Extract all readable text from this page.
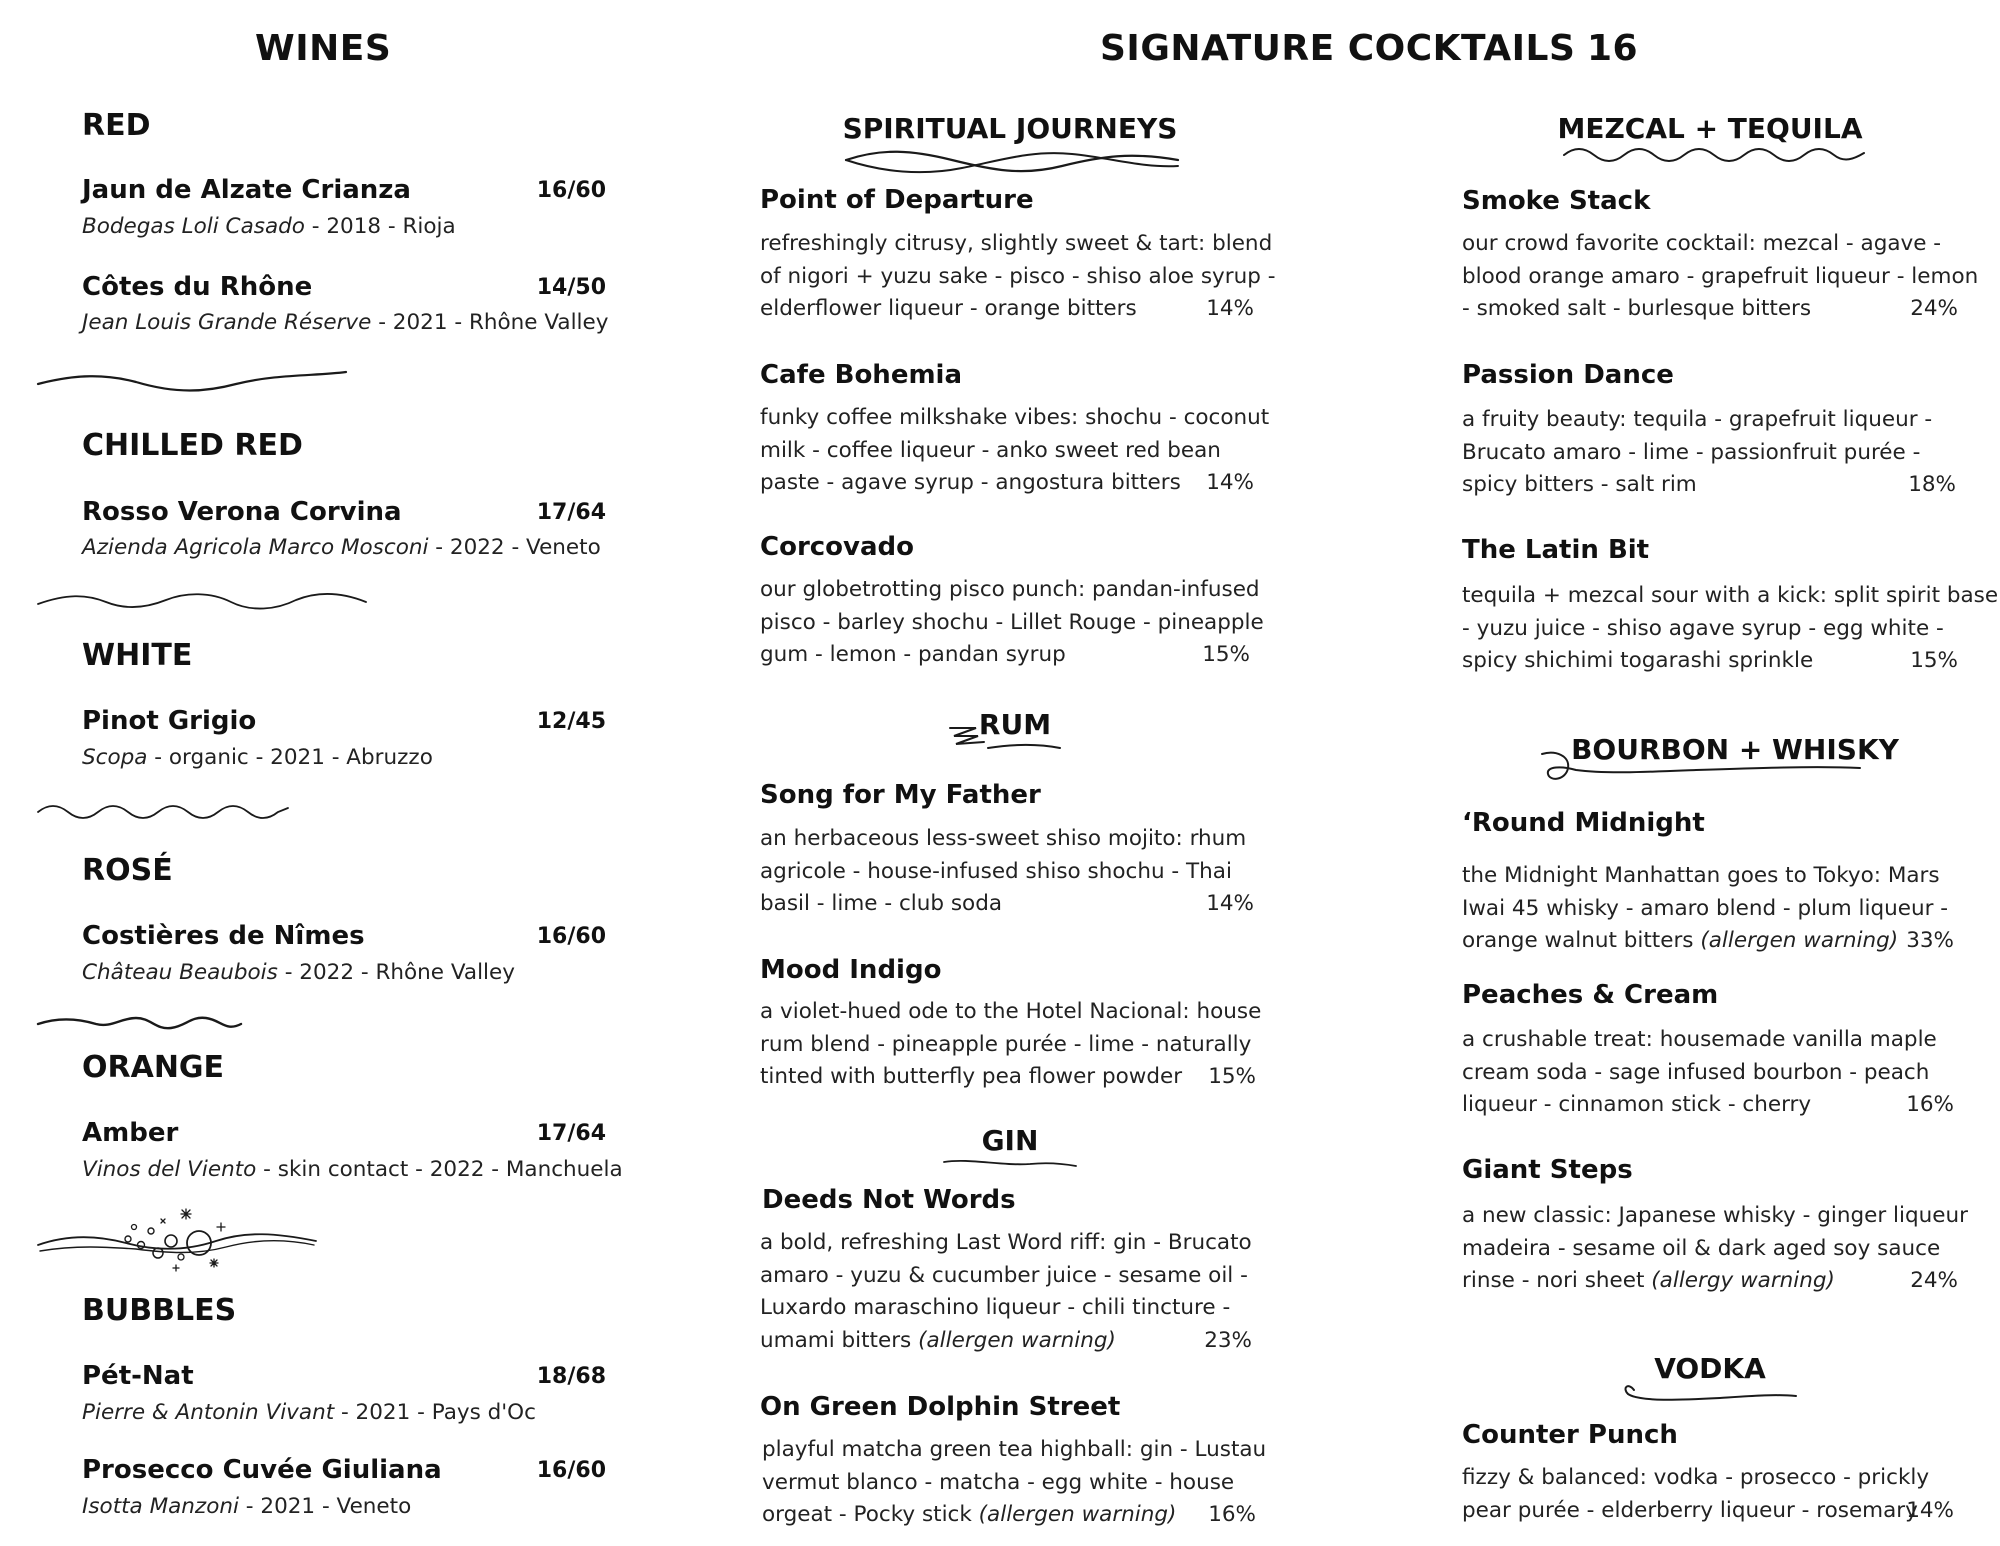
WINES
RED
Jaun de Alzate Crianza	16/60
Bodegas Loli Casado - 2018 - Rioja
Côtes du Rhône	14/50
Jean Louis Grande Réserve - 2021 - Rhône Valley
CHILLED RED
Rosso Verona Corvina	17/64
Azienda Agricola Marco Mosconi - 2022 - Veneto
WHITE
Pinot Grigio	12/45
Scopa - organic - 2021 - Abruzzo
ROSÉ
Costières de Nîmes	16/60
Château Beaubois - 2022 - Rhône Valley
ORANGE
Amber	17/64
Vinos del Viento - skin contact - 2022 - Manchuela
BUBBLES
Pét-Nat	18/68
Pierre & Antonin Vivant - 2021 - Pays d'Oc
Prosecco Cuvée Giuliana	16/60
Isotta Manzoni - 2021 - Veneto
SIGNATURE COCKTAILS 16
SPIRITUAL JOURNEYS
Point of Departure
refreshingly citrusy, slightly sweet & tart: blend
of nigori + yuzu sake - pisco - shiso aloe syrup -
elderflower liqueur - orange bitters	14%
Cafe Bohemia
funky coffee milkshake vibes: shochu - coconut
milk - coffee liqueur - anko sweet red bean
paste - agave syrup - angostura bitters 14%
Corcovado
our globetrotting pisco punch: pandan-infused
pisco - barley shochu - Lillet Rouge - pineapple
gum - lemon - pandan syrup	15%
RUM
Song for My Father
an herbaceous less-sweet shiso mojito: rhum
agricole - house-infused shiso shochu - Thai
basil - lime - club soda	14%
Mood Indigo
a violet-hued ode to the Hotel Nacional: house
rum blend - pineapple purée - lime - naturally
tinted with butterfly pea flower powder 15%
GIN
Deeds Not Words
a bold, refreshing Last Word riff: gin - Brucato
amaro - yuzu & cucumber juice - sesame oil -
Luxardo maraschino liqueur - chili tincture -
umami bitters (allergen warning)	23%
On Green Dolphin Street
playful matcha green tea highball: gin - Lustau
vermut blanco - matcha - egg white - house
orgeat - Pocky stick (allergen warning) 16%
MEZCAL + TEQUILA
Smoke Stack
our crowd favorite cocktail: mezcal - agave -
blood orange amaro - grapefruit liqueur - lemon
- smoked salt - burlesque bitters	24%
Passion Dance
a fruity beauty: tequila - grapefruit liqueur -
Brucato amaro - lime - passionfruit purée -
spicy bitters - salt rim	18%
The Latin Bit
tequila + mezcal sour with a kick: split spirit base
- yuzu juice - shiso agave syrup - egg white -
spicy shichimi togarashi sprinkle	15%
BOURBON + WHISKY
‘Round Midnight
the Midnight Manhattan goes to Tokyo: Mars
Iwai 45 whisky - amaro blend - plum liqueur -
orange walnut bitters (allergen warning) 33%
Peaches & Cream
a crushable treat: housemade vanilla maple
cream soda - sage infused bourbon - peach
liqueur - cinnamon stick - cherry	16%
Giant Steps
a new classic: Japanese whisky - ginger liqueur
madeira - sesame oil & dark aged soy sauce
rinse - nori sheet (allergy warning)	24%
VODKA
Counter Punch
fizzy & balanced: vodka - prosecco - prickly
pear purée - elderberry liqueur - rosemary
14%
